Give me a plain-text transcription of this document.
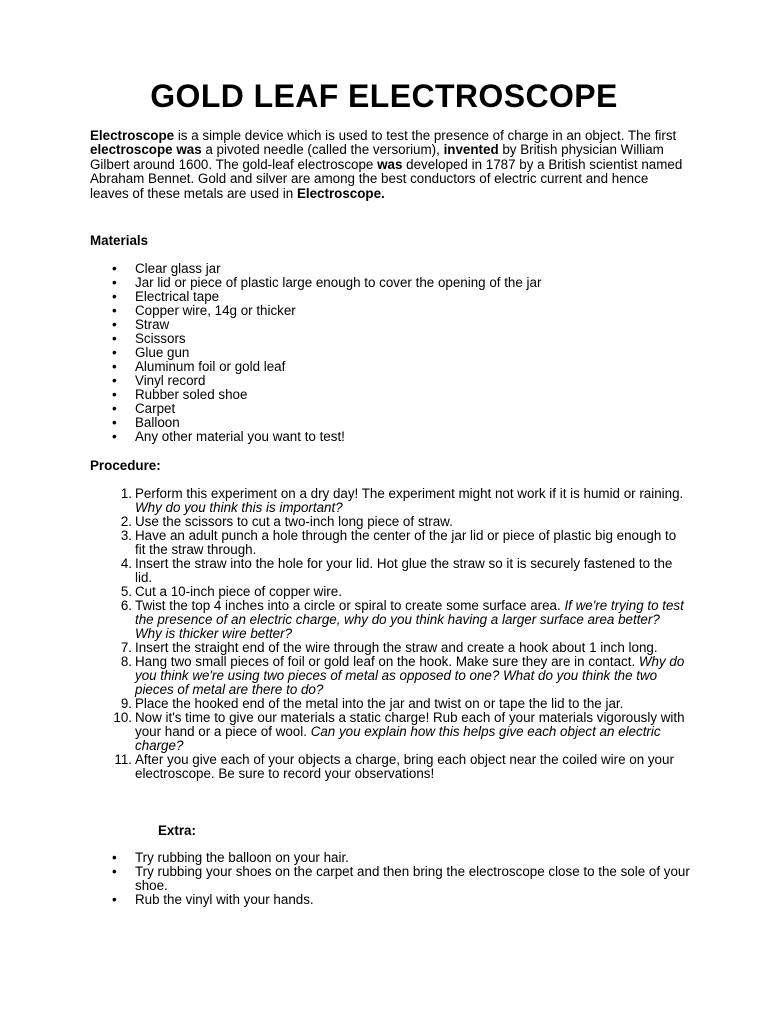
GOLD LEAF ELECTROSCOPE

Electroscope is a simple device which is used to test the presence of charge in an object. The first electroscope was a pivoted needle (called the versorium), invented by British physician William Gilbert around 1600. The gold-leaf electroscope was developed in 1787 by a British scientist named Abraham Bennet. Gold and silver are among the best conductors of electric current and hence leaves of these metals are used in Electroscope.

Materials
•	Clear glass jar
•	Jar lid or piece of plastic large enough to cover the opening of the jar
•	Electrical tape
•	Copper wire, 14g or thicker
•	Straw
•	Scissors
•	Glue gun
•	Aluminum foil or gold leaf
•	Vinyl record
•	Rubber soled shoe
•	Carpet
•	Balloon
•	Any other material you want to test!
Procedure:
1. Perform this experiment on a dry day! The experiment might not work if it is humid or raining. Why do you think this is important?
2. Use the scissors to cut a two-inch long piece of straw.
3. Have an adult punch a hole through the center of the jar lid or piece of plastic big enough to fit the straw through.
4. Insert the straw into the hole for your lid. Hot glue the straw so it is securely fastened to the lid.
5. Cut a 10-inch piece of copper wire.
6. Twist the top 4 inches into a circle or spiral to create some surface area. If we're trying to test the presence of an electric charge, why do you think having a larger surface area better? Why is thicker wire better?
7. Insert the straight end of the wire through the straw and create a hook about 1 inch long.
8. Hang two small pieces of foil or gold leaf on the hook. Make sure they are in contact. Why do you think we're using two pieces of metal as opposed to one? What do you think the two pieces of metal are there to do?
9. Place the hooked end of the metal into the jar and twist on or tape the lid to the jar.
10. Now it's time to give our materials a static charge! Rub each of your materials vigorously with your hand or a piece of wool. Can you explain how this helps give each object an electric charge?
11. After you give each of your objects a charge, bring each object near the coiled wire on your electroscope. Be sure to record your observations!
Extra:
•	Try rubbing the balloon on your hair.
•	Try rubbing your shoes on the carpet and then bring the electroscope close to the sole of your shoe.
•	Rub the vinyl with your hands.
